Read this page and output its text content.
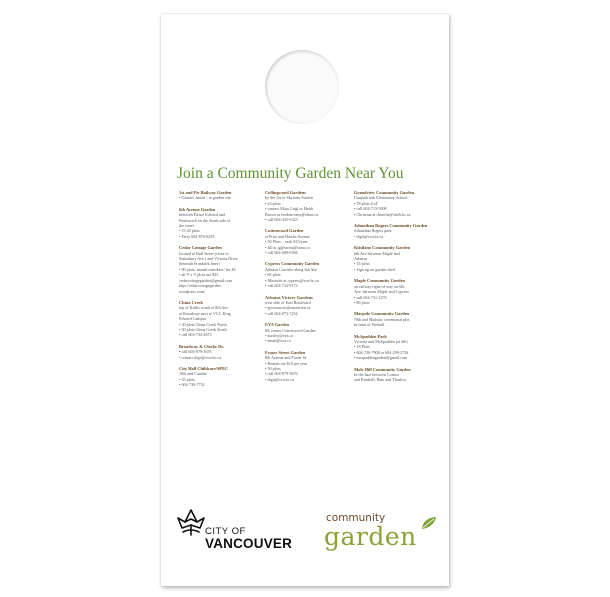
Join a Community Garden Near You
1st and Fir Railway Garden
• Contact Justin – at garden site
6th Avenue Garden
between Prince Edward and
Brunswick on the South side of
the street
• 15 20 plots
• Terry 604-876-6259
Cedar Cottage Garden
located at Hull Street (close to
Stainsbury Ave.) and Victoria Drive
(beneath Frankfirk lines)
• 90 plots, annual members’ fee $5
• all 9' x 3' plots are $25
cedarcottagegarden@gmail.com
http://cedarcottagegarden.
wordpress.com/
China Creek
top of Kittlis south of 8th Ave
at Broadway next to VCC King
Edward Campus
• 30 plots China Creek North
• 30 plots China Creek South
• call 604-734-4673
Broadway & Clarke Dr.
• call 604-879-3676
• contact digit@vcn.bc.ca
City Hall Childcare/SPEC
10th and Cambie
• 35 plots
• 604-736-7732
Collingwood Gardens
by the Joyce Skytrain Station
• 23 plots
• contact Maja Grigl or Heidi
Brown at feedeircomy@shaw.ca
• call 604-435-0323
Cottonwood Garden
at Prior and Hawks Avenue
• 50 Plots – each $15/year
• Jill at jg@strins@shaw.ca
• call 604-608-0384
Cypress Community Garden
Arbutus Corridor along 6th Ave
• 65 plots
• Maxorite at cypress@vcn.bc.ca
• call 604-732-9173
Arbutus Victory Gardens
west side of East Boulevard
• gcresources@uacntrien.ca
• call 604-873-7254
EYA Garden
SE corner Cottonwood Garden
• kurtley@eya.ca
• email@eya.ca
Fraser Street Garden
8th Avenue and Fraser St.
• Rentals are $10 per year
• 50 plots
• call 604-879-3676
• digit@vcn.bc.ca
Grandview Community Garden
Uuujuuk'uuk Elementary School
• 78 plots 4'x4'
• call 604-713-5008
• Christina at cbuerlst@shelt.bc.ca
Johnathan Rogers Community Garden
Johnathan Rogers park
• digit@vcn.bc.ca
Kitsilano Community Garden
6th Ave between Maple and
Arbutus
• 35 plots
• Sign up on garden shed
Maple Community Garden
on railway right-of-way on 6th
Ave. between Maple and Cypress
• call 604-731-1276
• 80 plots
Marpole Community Garden
70th and Hudson, ceremonial plot
in front of Firehall
McSpadden Park
Victoria and McSpadden (at 4th)
• 18 Plots
• 604-720-7908 or 604-290-2756
• mcspaddengarden@gmail.com
Mole Hill Community Garden
In the lane between Comox
and Pendrell, Bute and Thurlow
CITY OF
VANCOUVER
community
garden
